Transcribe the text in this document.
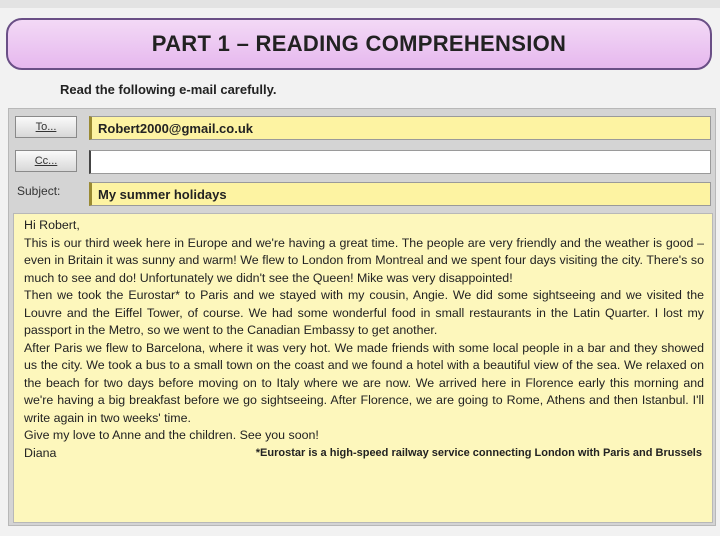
PART 1 – READING COMPREHENSION
Read the following e-mail carefully.
To...	Robert2000@gmail.co.uk
Cc...
Subject:	My summer holidays

Hi Robert,

This is our third week here in Europe and we're having a great time. The people are very friendly and the weather is good – even in Britain it was sunny and warm! We flew to London from Montreal and we spent four days visiting the city. There's so much to see and do! Unfortunately we didn't see the Queen! Mike was very disappointed!

Then we took the Eurostar* to Paris and we stayed with my cousin, Angie. We did some sightseeing and we visited the Louvre and the Eiffel Tower, of course. We had some wonderful food in small restaurants in the Latin Quarter. I lost my passport in the Metro, so we went to the Canadian Embassy to get another.

After Paris we flew to Barcelona, where it was very hot. We made friends with some local people in a bar and they showed us the city. We took a bus to a small town on the coast and we found a hotel with a beautiful view of the sea. We relaxed on the beach for two days before moving on to Italy where we are now. We arrived here in Florence early this morning and we're having a big breakfast before we go sightseeing. After Florence, we are going to Rome, Athens and then Istanbul. I'll write again in two weeks' time.

Give my love to Anne and the children. See you soon!

Diana	*Eurostar is a high-speed railway service connecting London with Paris and Brussels
